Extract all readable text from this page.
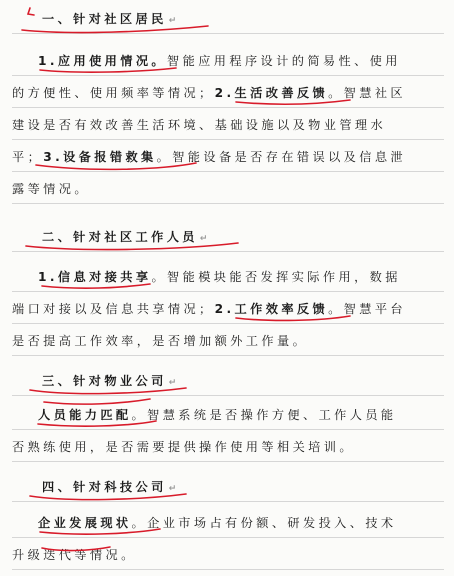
一、针对社区居民 ↵
1.应用使用情况。智能应用程序设计的简易性、使用
的方便性、使用频率等情况；2.生活改善反馈。智慧社区
建设是否有效改善生活环境、基础设施以及物业管理水
平；3.设备报错救集。智能设备是否存在错误以及信息泄
露等情况。
二、针对社区工作人员 ↵
1.信息对接共享。智能模块能否发挥实际作用，数据
端口对接以及信息共享情况；2.工作效率反馈。智慧平台
是否提高工作效率，是否增加额外工作量。
三、针对物业公司 ↵
人员能力匹配。智慧系统是否操作方便、工作人员能
否熟练使用，是否需要提供操作使用等相关培训。
四、针对科技公司 ↵
企业发展现状。企业市场占有份额、研发投入、技术
升级迭代等情况。
